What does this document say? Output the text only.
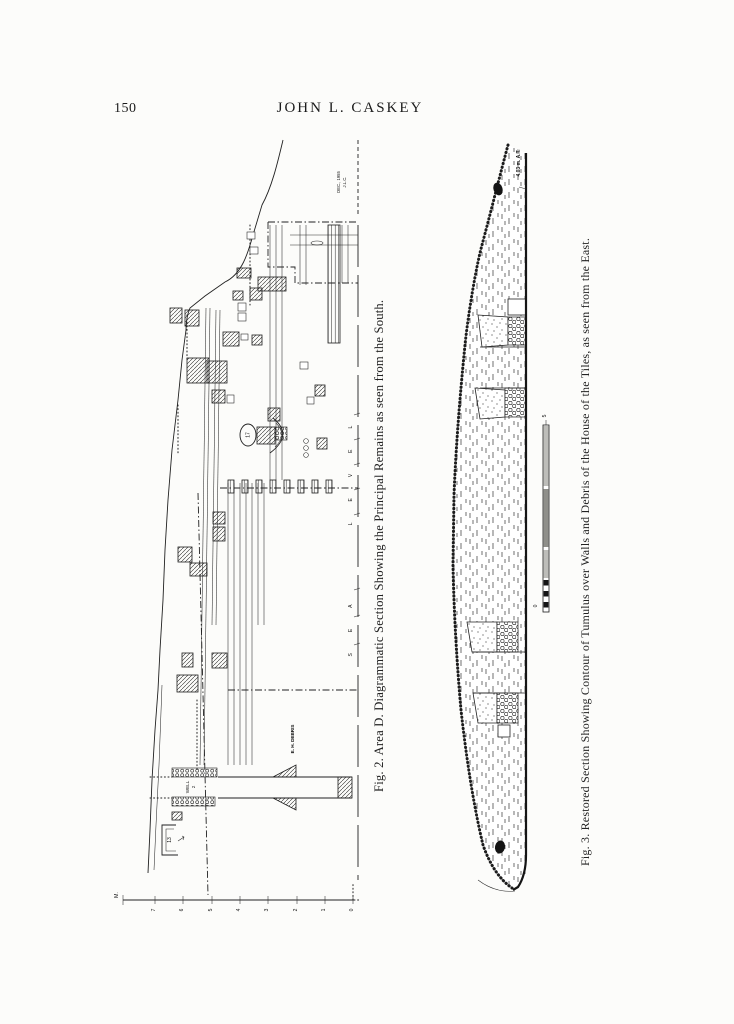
150	JOHN L. CASKEY
SEA
LEVEL
DEC., 1955 J.L.C.
17
WELL 2
E. H. DEBRIS
13
M.
7	6	5	4	3	2	1	0
Fig. 2. Area D. Diagrammatic Section Showing the Principal Remains as seen from the South.
4.03 m. A.T.
5
0	Fig. 3. Restored Section Showing Contour of Tumulus over Walls and Debris of the House of the Tiles, as seen from the East.
